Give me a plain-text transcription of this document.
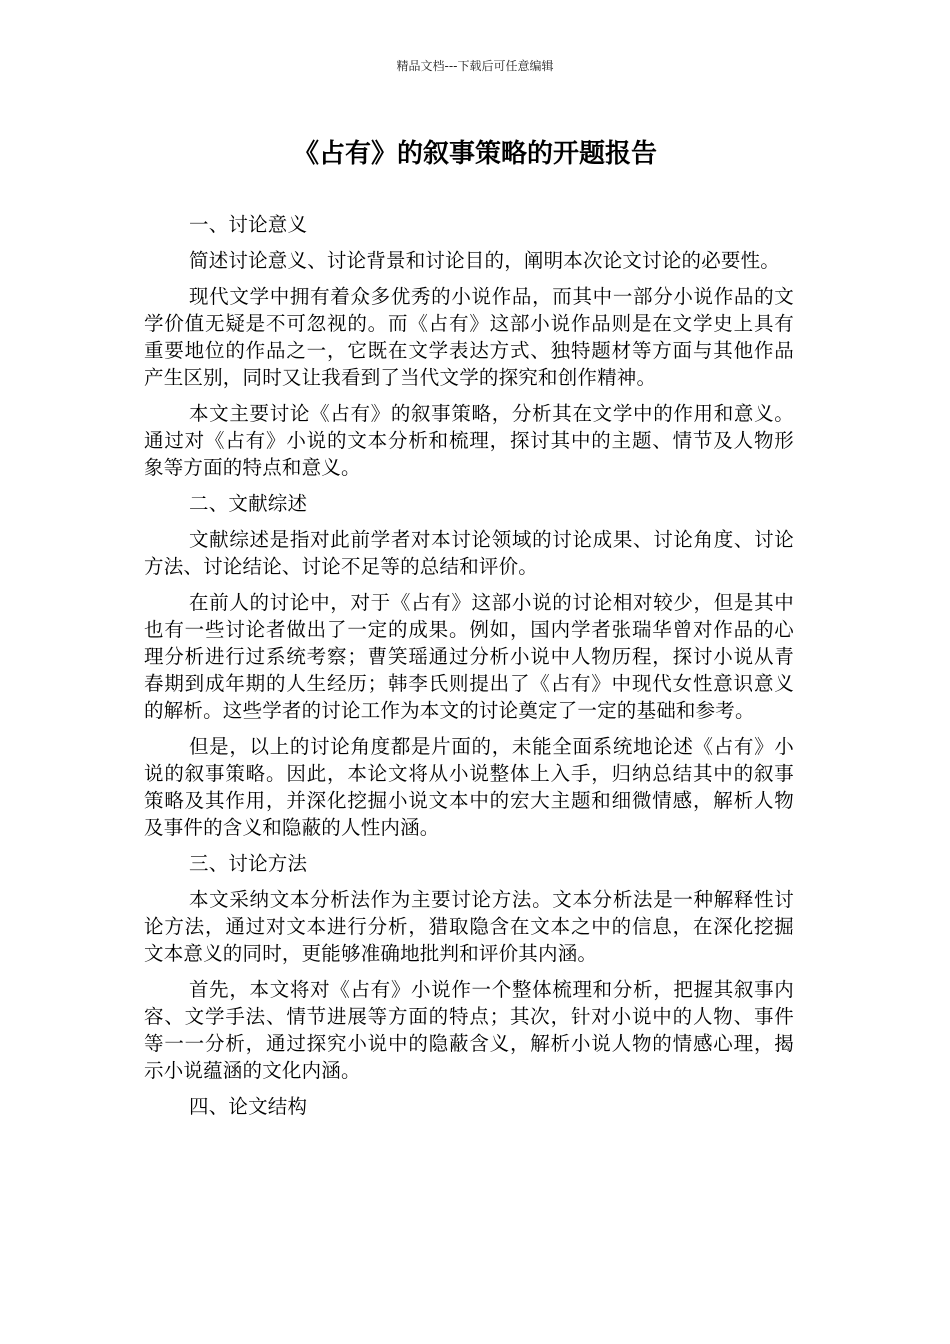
精品文档---下载后可任意编辑
《占有》的叙事策略的开题报告

一、讨论意义

简述讨论意义、讨论背景和讨论目的，阐明本次论文讨论的必要性。

现代文学中拥有着众多优秀的小说作品，而其中一部分小说作品的文学价值无疑是不可忽视的。而《占有》这部小说作品则是在文学史上具有重要地位的作品之一，它既在文学表达方式、独特题材等方面与其他作品产生区别，同时又让我看到了当代文学的探究和创作精神。

本文主要讨论《占有》的叙事策略，分析其在文学中的作用和意义。通过对《占有》小说的文本分析和梳理，探讨其中的主题、情节及人物形象等方面的特点和意义。

二、文献综述

文献综述是指对此前学者对本讨论领域的讨论成果、讨论角度、讨论方法、讨论结论、讨论不足等的总结和评价。

在前人的讨论中，对于《占有》这部小说的讨论相对较少，但是其中也有一些讨论者做出了一定的成果。例如，国内学者张瑞华曾对作品的心理分析进行过系统考察；曹笑瑶通过分析小说中人物历程，探讨小说从青春期到成年期的人生经历；韩李氏则提出了《占有》中现代女性意识意义的解析。这些学者的讨论工作为本文的讨论奠定了一定的基础和参考。

但是，以上的讨论角度都是片面的，未能全面系统地论述《占有》小说的叙事策略。因此，本论文将从小说整体上入手，归纳总结其中的叙事策略及其作用，并深化挖掘小说文本中的宏大主题和细微情感，解析人物及事件的含义和隐蔽的人性内涵。

三、讨论方法

本文采纳文本分析法作为主要讨论方法。文本分析法是一种解释性讨论方法，通过对文本进行分析，猎取隐含在文本之中的信息，在深化挖掘文本意义的同时，更能够准确地批判和评价其内涵。

首先，本文将对《占有》小说作一个整体梳理和分析，把握其叙事内容、文学手法、情节进展等方面的特点；其次，针对小说中的人物、事件等一一分析，通过探究小说中的隐蔽含义，解析小说人物的情感心理，揭示小说蕴涵的文化内涵。

四、论文结构
